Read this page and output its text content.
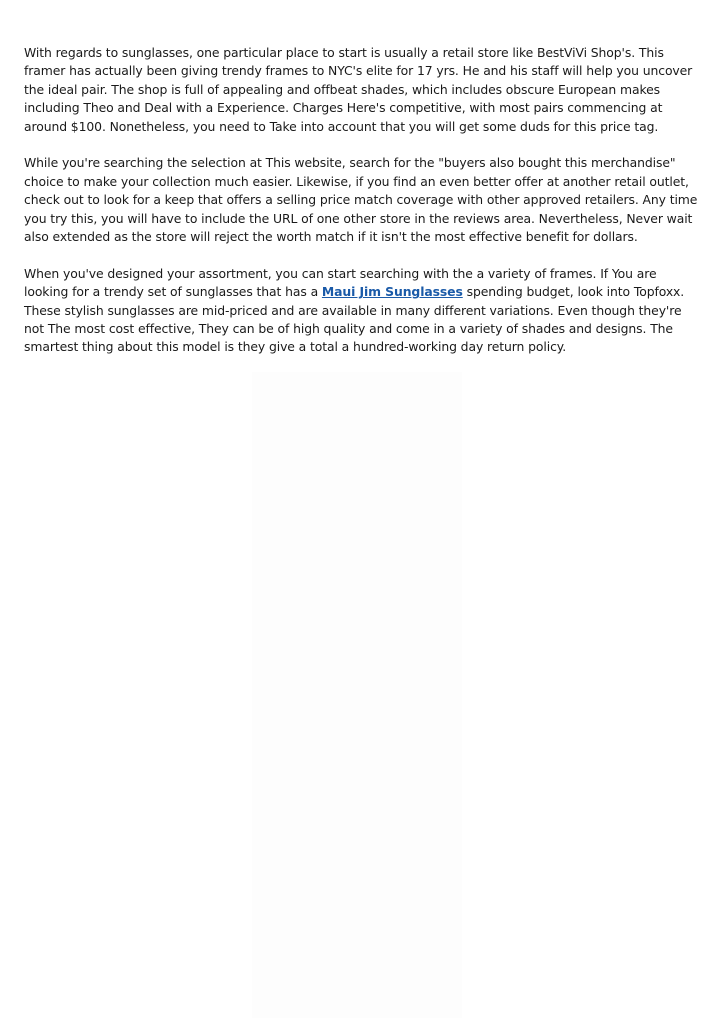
With regards to sunglasses, one particular place to start is usually a retail store like BestViVi Shop's. This framer has actually been giving trendy frames to NYC's elite for 17 yrs. He and his staff will help you uncover the ideal pair. The shop is full of appealing and offbeat shades, which includes obscure European makes including Theo and Deal with a Experience. Charges Here's competitive, with most pairs commencing at around $100. Nonetheless, you need to Take into account that you will get some duds for this price tag.

While you're searching the selection at This website, search for the "buyers also bought this merchandise" choice to make your collection much easier. Likewise, if you find an even better offer at another retail outlet, check out to look for a keep that offers a selling price match coverage with other approved retailers. Any time you try this, you will have to include the URL of one other store in the reviews area. Nevertheless, Never wait also extended as the store will reject the worth match if it isn't the most effective benefit for dollars.

When you've designed your assortment, you can start searching with the a variety of frames. If You are looking for a trendy set of sunglasses that has a Maui Jim Sunglasses spending budget, look into Topfoxx. These stylish sunglasses are mid-priced and are available in many different variations. Even though they're not The most cost effective, They can be of high quality and come in a variety of shades and designs. The smartest thing about this model is they give a total a hundred-working day return policy.
